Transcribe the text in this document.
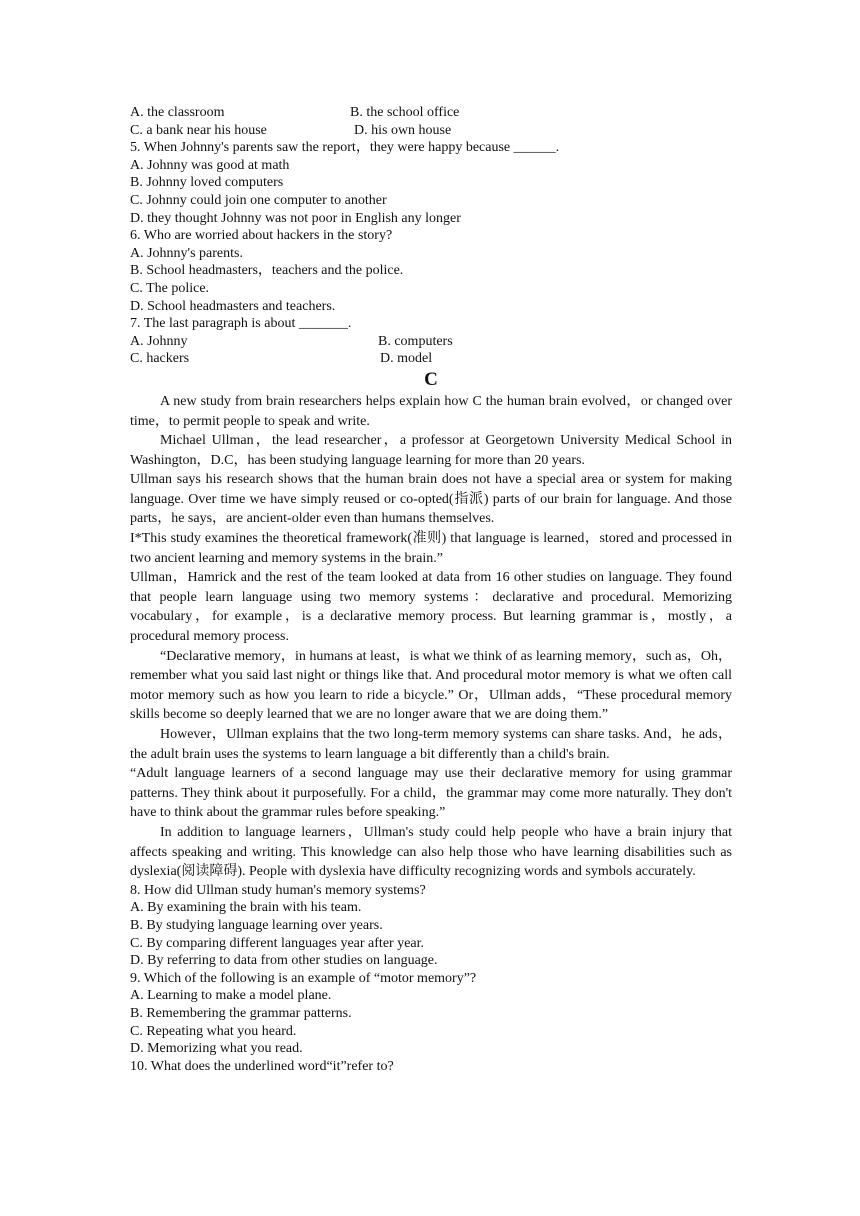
A. the classroom	B. the school office
C. a bank near his house	D. his own house
5. When Johnny's parents saw the report，they were happy because ______.
A. Johnny was good at math
B. Johnny loved computers
C. Johnny could join one computer to another
D. they thought Johnny was not poor in English any longer
6. Who are worried about hackers in the story?
A. Johnny's parents.
B. School headmasters，teachers and the police.
C. The police.
D. School headmasters and teachers.
7. The last paragraph is about _______.
A. Johnny	B. computers
C. hackers	D. model
C

A new study from brain researchers helps explain how C the human brain evolved，or changed over time，to permit people to speak and write.

Michael Ullman，the lead researcher，a professor at Georgetown University Medical School in Washington，D.C，has been studying language learning for more than 20 years.

Ullman says his research shows that the human brain does not have a special area or system for making language. Over time we have simply reused or co-opted(指派) parts of our brain for language. And those parts，he says，are ancient-older even than humans themselves.

I*This study examines the theoretical framework(准则) that language is learned，stored and processed in two ancient learning and memory systems in the brain.”

Ullman，Hamrick and the rest of the team looked at data from 16 other studies on language. They found that people learn language using two memory systems：declarative and procedural. Memorizing vocabulary，for example，is a declarative memory process. But learning grammar is，mostly，a procedural memory process.

“Declarative memory，in humans at least，is what we think of as learning memory，such as，Oh，remember what you said last night or things like that. And procedural motor memory is what we often call motor memory such as how you learn to ride a bicycle.” Or，Ullman adds，“These procedural memory skills become so deeply learned that we are no longer aware that we are doing them.”

However，Ullman explains that the two long-term memory systems can share tasks. And，he ads，the adult brain uses the systems to learn language a bit differently than a child's brain.

“Adult language learners of a second language may use their declarative memory for using grammar patterns. They think about it purposefully. For a child，the grammar may come more naturally. They don't have to think about the grammar rules before speaking.”

In addition to language learners，Ullman's study could help people who have a brain injury that affects speaking and writing. This knowledge can also help those who have learning disabilities such as dyslexia(阅读障碍). People with dyslexia have difficulty recognizing words and symbols accurately.

8. How did Ullman study human's memory systems?
A. By examining the brain with his team.
B. By studying language learning over years.
C. By comparing different languages year after year.
D. By referring to data from other studies on language.
9. Which of the following is an example of “motor memory”?
A. Learning to make a model plane.
B. Remembering the grammar patterns.
C. Repeating what you heard.
D. Memorizing what you read.
10. What does the underlined word“it”refer to?
